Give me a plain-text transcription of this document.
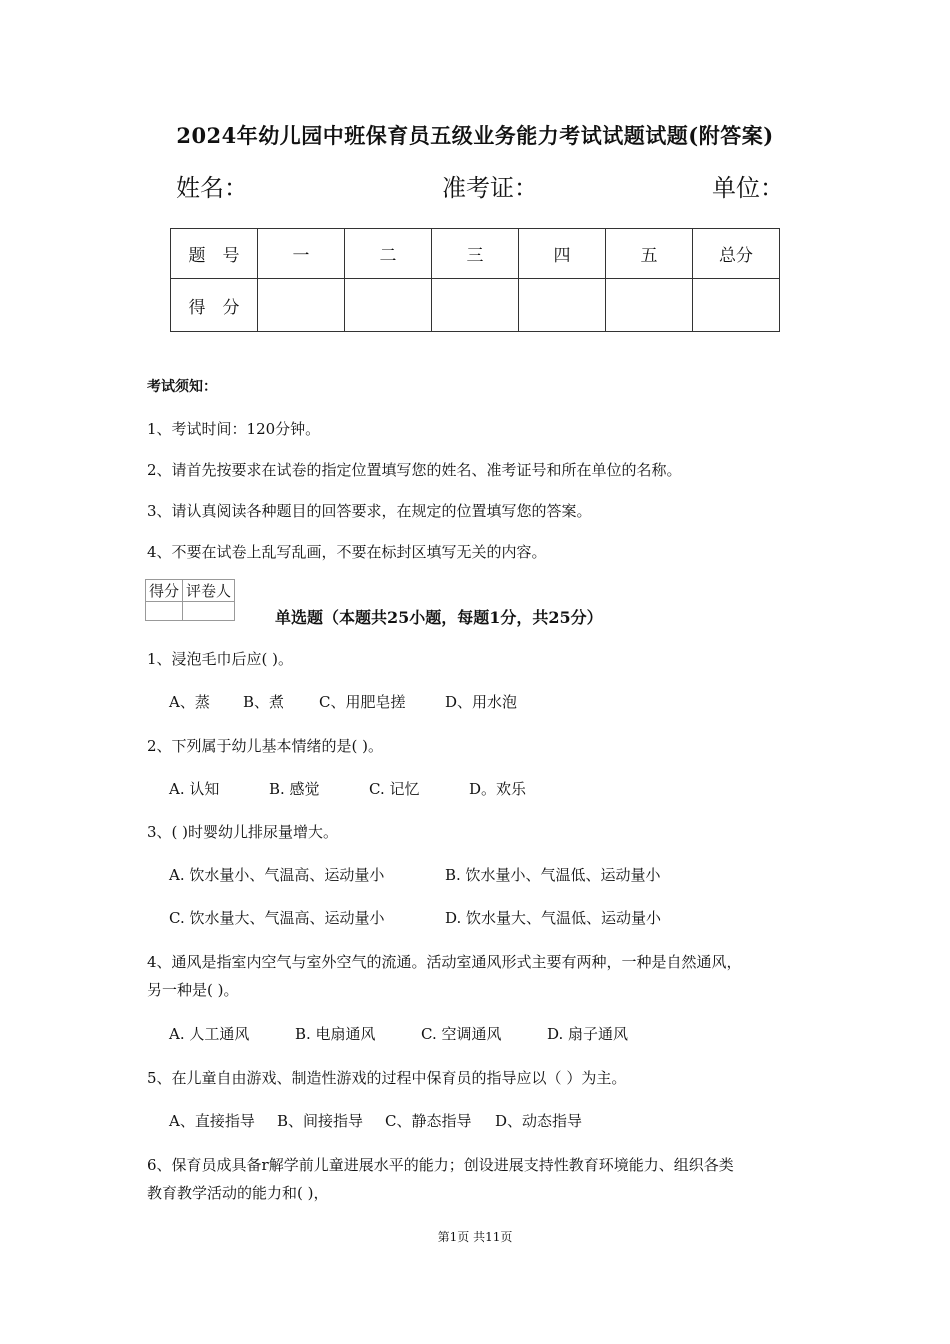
2024年幼儿园中班保育员五级业务能力考试试题试题(附答案)
姓名：	准考证：	单位：
题　号	一	二	三	四	五	总分
得　分						
考试须知：
1、考试时间：120分钟。
2、请首先按要求在试卷的指定位置填写您的姓名、准考证号和所在单位的名称。
3、请认真阅读各种题目的回答要求，在规定的位置填写您的答案。
4、不要在试卷上乱写乱画，不要在标封区填写无关的内容。
得分	评卷人

单选题（本题共25小题，每题1分，共25分）
1、浸泡毛巾后应( )。
A、蒸 B、煮 C、用肥皂搓	D、用水泡
2、下列属于幼儿基本情绪的是( )。
A. 认知	B. 感觉	C. 记忆	D。欢乐
3、( )时婴幼儿排尿量增大。
A. 饮水量小、气温高、运动量小	B. 饮水量小、气温低、运动量小
C. 饮水量大、气温高、运动量小	D. 饮水量大、气温低、运动量小
4、通风是指室内空气与室外空气的流通。活动室通风形式主要有两种，一种是自然通风，
另一种是( )。
A. 人工通风	B. 电扇通风	C. 空调通风	D. 扇子通风
5、在儿童自由游戏、制造性游戏的过程中保育员的指导应以（ ）为主。
A、直接指导 B、间接指导 C、静态指导 D、动态指导
6、保育员成具备r解学前儿童进展水平的能力；创设进展支持性教育环境能力、组织各类
教育教学活动的能力和( )，
第1页 共11页
